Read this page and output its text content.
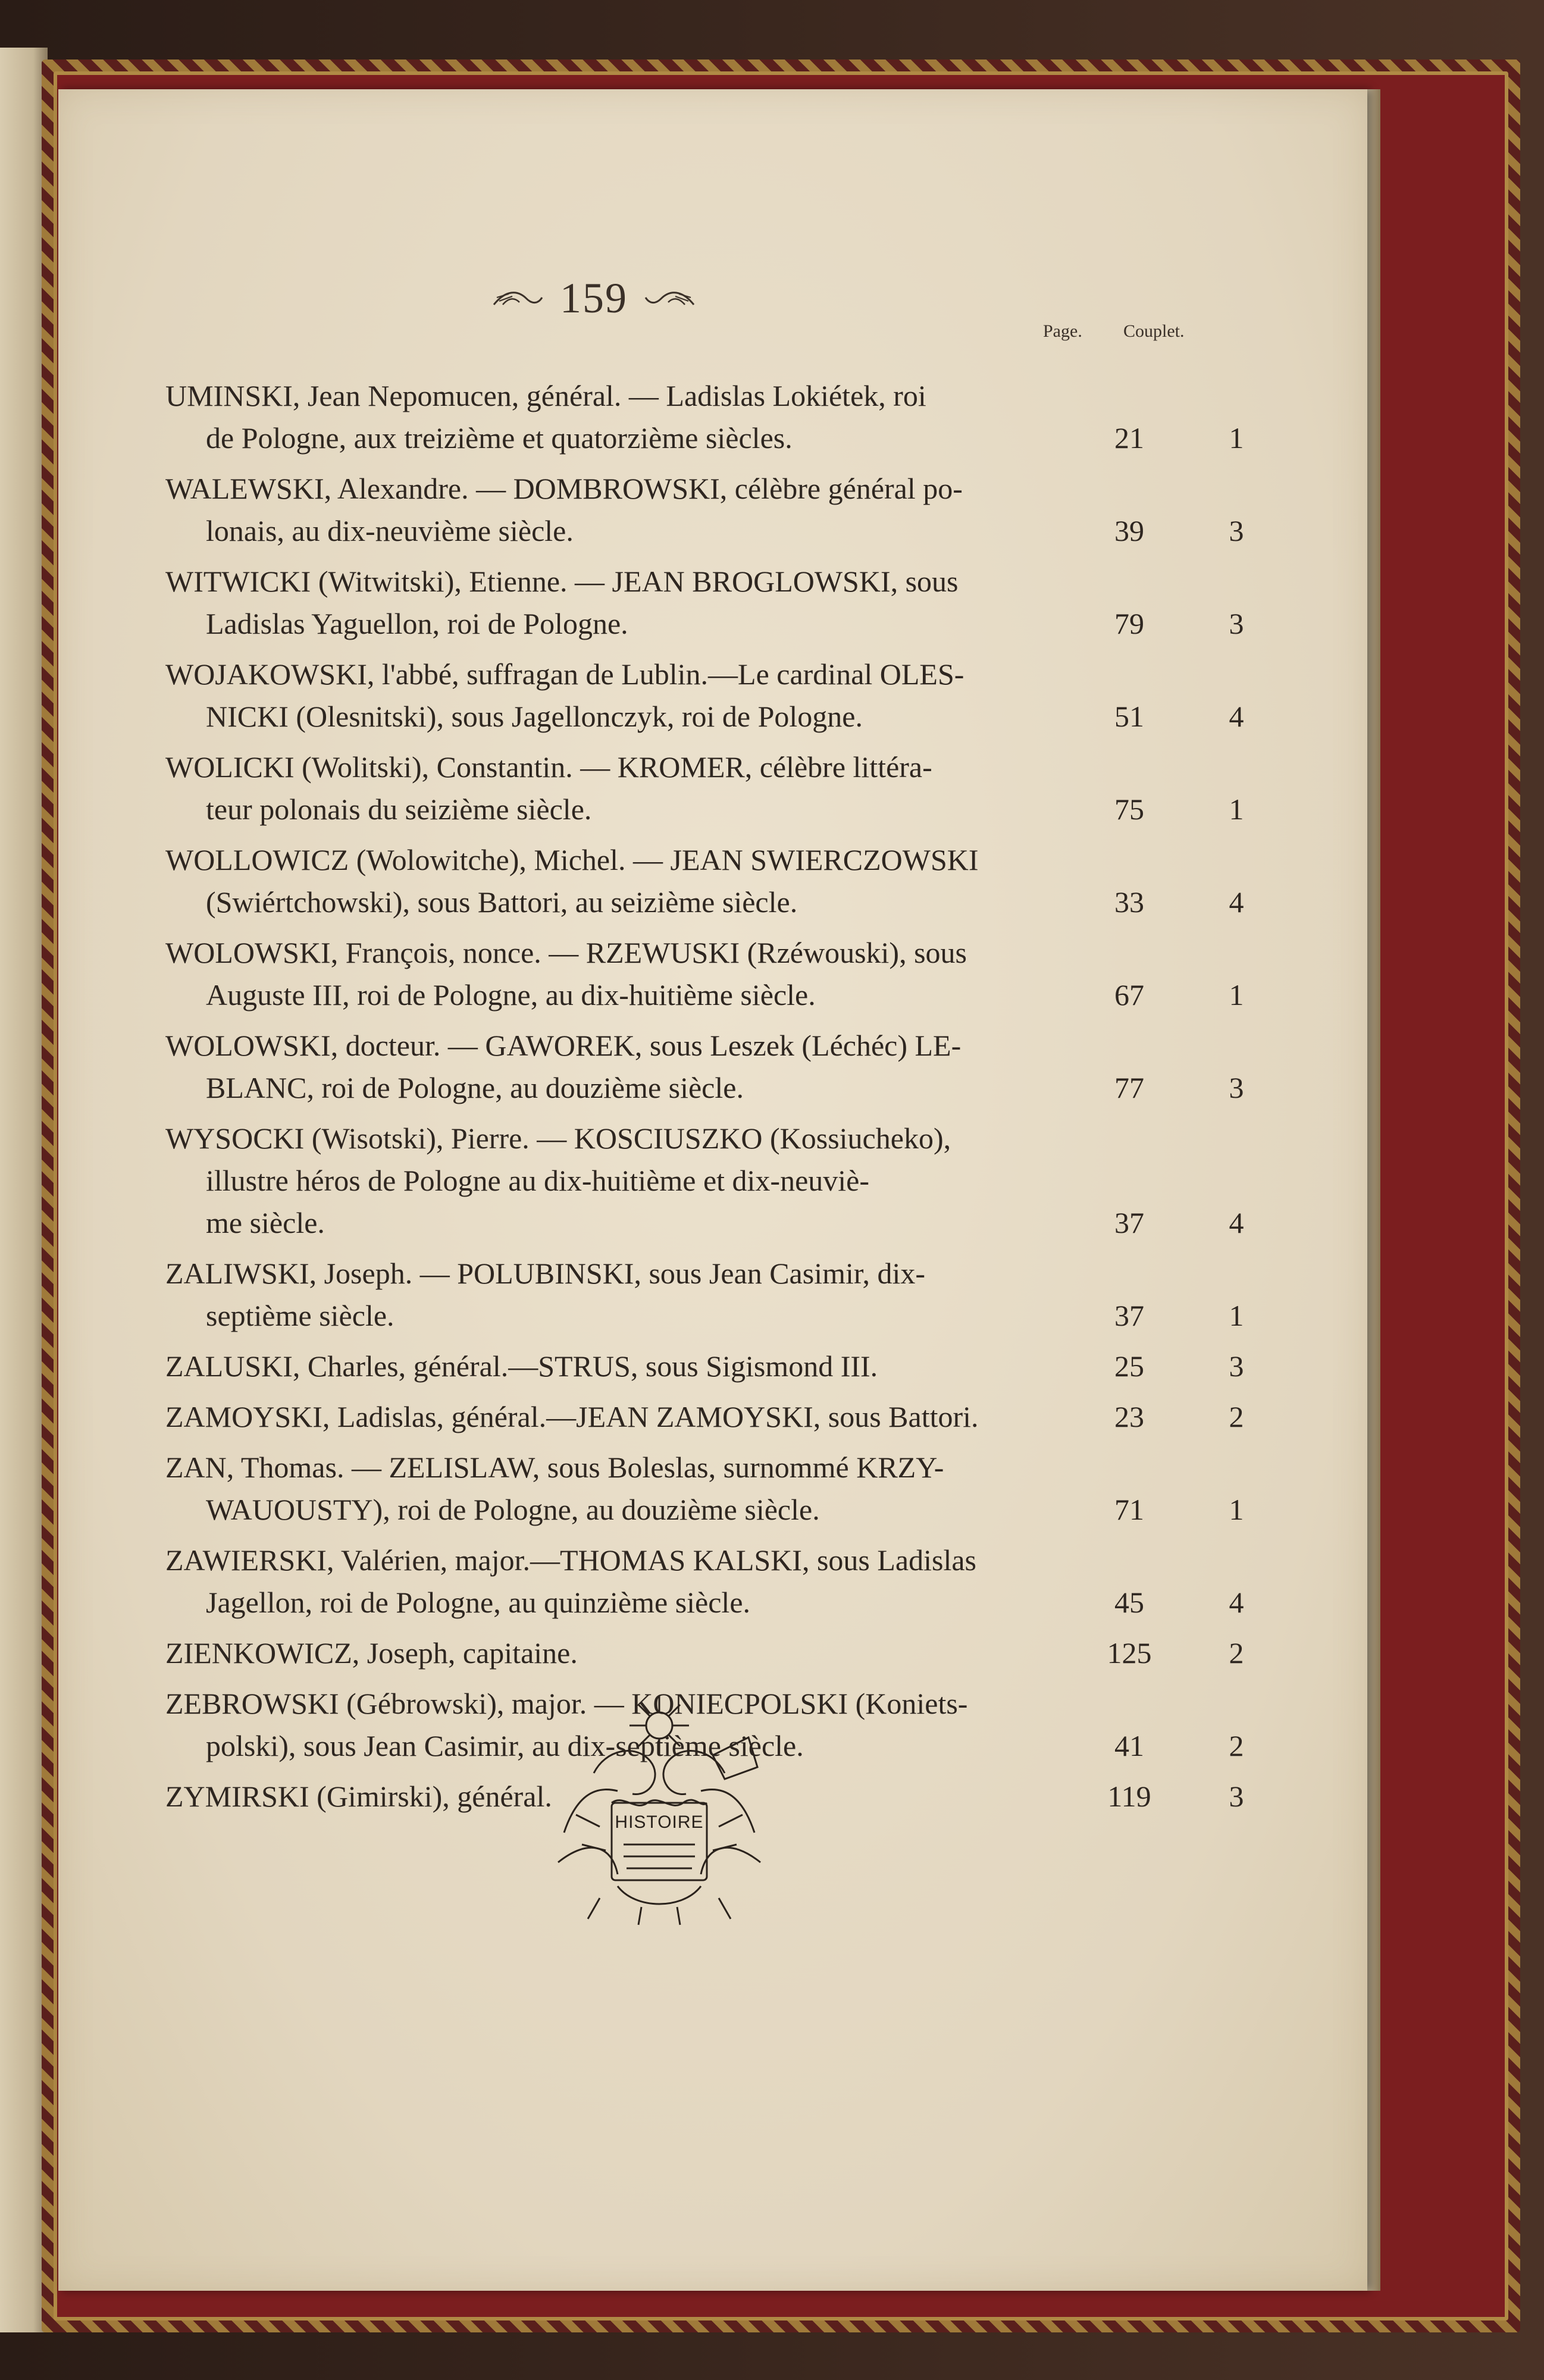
159
Page. Couplet.
UMINSKI, Jean Nepomucen, général. — Ladislas Lokiétek, roi
de Pologne, aux treizième et quatorzième siècles.	21	1
WALEWSKI, Alexandre. — DOMBROWSKI, célèbre général po-
lonais, au dix-neuvième siècle.	39	3
WITWICKI (Witwitski), Etienne. — JEAN BROGLOWSKI, sous
Ladislas Yaguellon, roi de Pologne.	79	3
WOJAKOWSKI, l'abbé, suffragan de Lublin.—Le cardinal OLES-
NICKI (Olesnitski), sous Jagellonczyk, roi de Pologne.	51	4
WOLICKI (Wolitski), Constantin. — KROMER, célèbre littéra-
teur polonais du seizième siècle.	75	1
WOLLOWICZ (Wolowitche), Michel. — JEAN SWIERCZOWSKI
(Swiértchowski), sous Battori, au seizième siècle.	33	4
WOLOWSKI, François, nonce. — RZEWUSKI (Rzéwouski), sous
Auguste III, roi de Pologne, au dix-huitième siècle.	67	1
WOLOWSKI, docteur. — GAWOREK, sous Leszek (Léchéc) LE-
BLANC, roi de Pologne, au douzième siècle.	77	3
WYSOCKI (Wisotski), Pierre. — KOSCIUSZKO (Kossiucheko),
illustre héros de Pologne au dix-huitième et dix-neuviè-
me siècle.	37	4
ZALIWSKI, Joseph. — POLUBINSKI, sous Jean Casimir, dix-
septième siècle.	37	1
ZALUSKI, Charles, général.—STRUS, sous Sigismond III.	25	3
ZAMOYSKI, Ladislas, général.—JEAN ZAMOYSKI, sous Battori.	23	2
ZAN, Thomas. — ZELISLAW, sous Boleslas, surnommé KRZY-
WAUOUSTY), roi de Pologne, au douzième siècle.	71	1
ZAWIERSKI, Valérien, major.—THOMAS KALSKI, sous Ladislas
Jagellon, roi de Pologne, au quinzième siècle.	45	4
ZIENKOWICZ, Joseph, capitaine.	125	2
ZEBROWSKI (Gébrowski), major. — KONIECPOLSKI (Koniets-
polski), sous Jean Casimir, au dix-septième siècle.	41	2
ZYMIRSKI (Gimirski), général.	119	3
HISTOIRE
